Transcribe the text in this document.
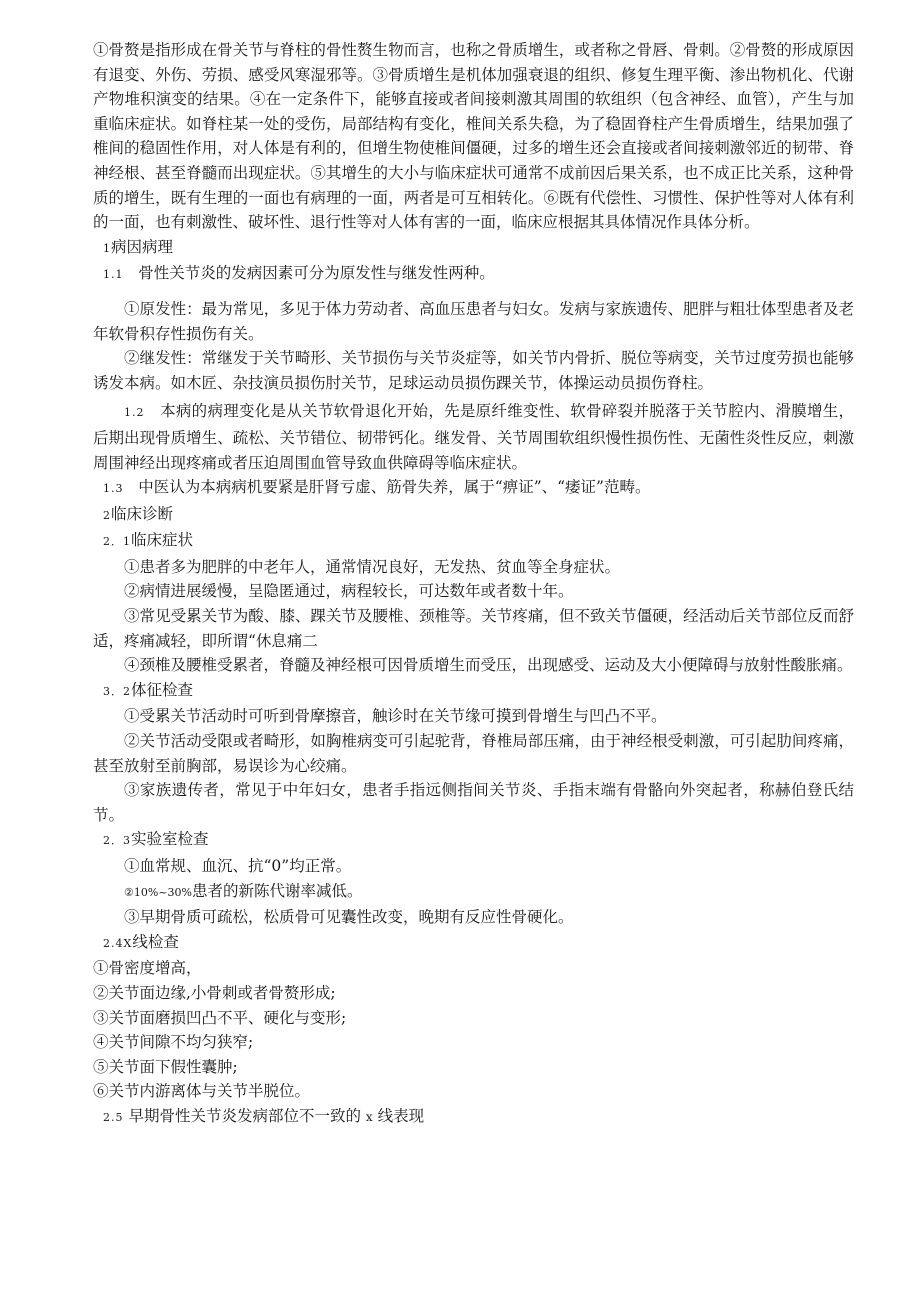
①骨赘是指形成在骨关节与脊柱的骨性赘生物而言，也称之骨质增生，或者称之骨唇、骨刺。②骨赘的形成原因有退变、外伤、劳损、感受风寒湿邪等。③骨质增生是机体加强衰退的组织、修复生理平衡、渗出物机化、代谢产物堆积演变的结果。④在一定条件下，能够直接或者间接刺激其周围的软组织（包含神经、血管），产生与加重临床症状。如脊柱某一处的受伤，局部结构有变化，椎间关系失稳，为了稳固脊柱产生骨质增生，结果加强了椎间的稳固性作用，对人体是有利的，但增生物使椎间僵硬，过多的增生还会直接或者间接刺激邻近的韧带、脊神经根、甚至脊髓而出现症状。⑤其增生的大小与临床症状可通常不成前因后果关系，也不成正比关系，这种骨质的增生，既有生理的一面也有病理的一面，两者是可互相转化。⑥既有代偿性、习惯性、保护性等对人体有利的一面，也有刺激性、破坏性、退行性等对人体有害的一面，临床应根据其具体情况作具体分析。

1病因病理

1.1 骨性关节炎的发病因素可分为原发性与继发性两种。

①原发性：最为常见，多见于体力劳动者、高血压患者与妇女。发病与家族遗传、肥胖与粗壮体型患者及老年软骨积存性损伤有关。

②继发性：常继发于关节畸形、关节损伤与关节炎症等，如关节内骨折、脱位等病变，关节过度劳损也能够诱发本病。如木匠、杂技演员损伤肘关节，足球运动员损伤踝关节，体操运动员损伤脊柱。

1.2 本病的病理变化是从关节软骨退化开始，先是原纤维变性、软骨碎裂并脱落于关节腔内、滑膜增生，后期出现骨质增生、疏松、关节错位、韧带钙化。继发骨、关节周围软组织慢性损伤性、无菌性炎性反应，刺激周围神经出现疼痛或者压迫周围血管导致血供障碍等临床症状。

1.3 中医认为本病病机要紧是肝肾亏虚、筋骨失养，属于“痹证”、“痿证”范畴。

2临床诊断

2．1临床症状

①患者多为肥胖的中老年人，通常情况良好，无发热、贫血等全身症状。
②病情进展缓慢，呈隐匿通过，病程较长，可达数年或者数十年。
③常见受累关节为酸、膝、踝关节及腰椎、颈椎等。关节疼痛，但不致关节僵硬，经活动后关节部位反而舒适，疼痛减轻，即所谓“休息痛二
④颈椎及腰椎受累者，脊髓及神经根可因骨质增生而受压，出现感受、运动及大小便障碍与放射性酸胀痛。

3．2体征检查

①受累关节活动时可听到骨摩擦音，触诊时在关节缘可摸到骨增生与凹凸不平。
②关节活动受限或者畸形，如胸椎病变可引起驼背，脊椎局部压痛，由于神经根受刺激，可引起肋间疼痛，甚至放射至前胸部，易误诊为心绞痛。
③家族遗传者，常见于中年妇女，患者手指远侧指间关节炎、手指末端有骨骼向外突起者，称赫伯登氏结节。

2．3实验室检查

①血常规、血沉、抗“0”均正常。
②10%~30%患者的新陈代谢率减低。
③早期骨质可疏松，松质骨可见囊性改变，晚期有反应性骨硬化。

2.4X线检查

①骨密度增高，
②关节面边缘,小骨刺或者骨赘形成;
③关节面磨损凹凸不平、硬化与变形;
④关节间隙不均匀狭窄;
⑤关节面下假性囊肿;
⑥关节内游离体与关节半脱位。

2.5 早期骨性关节炎发病部位不一致的 x 线表现
